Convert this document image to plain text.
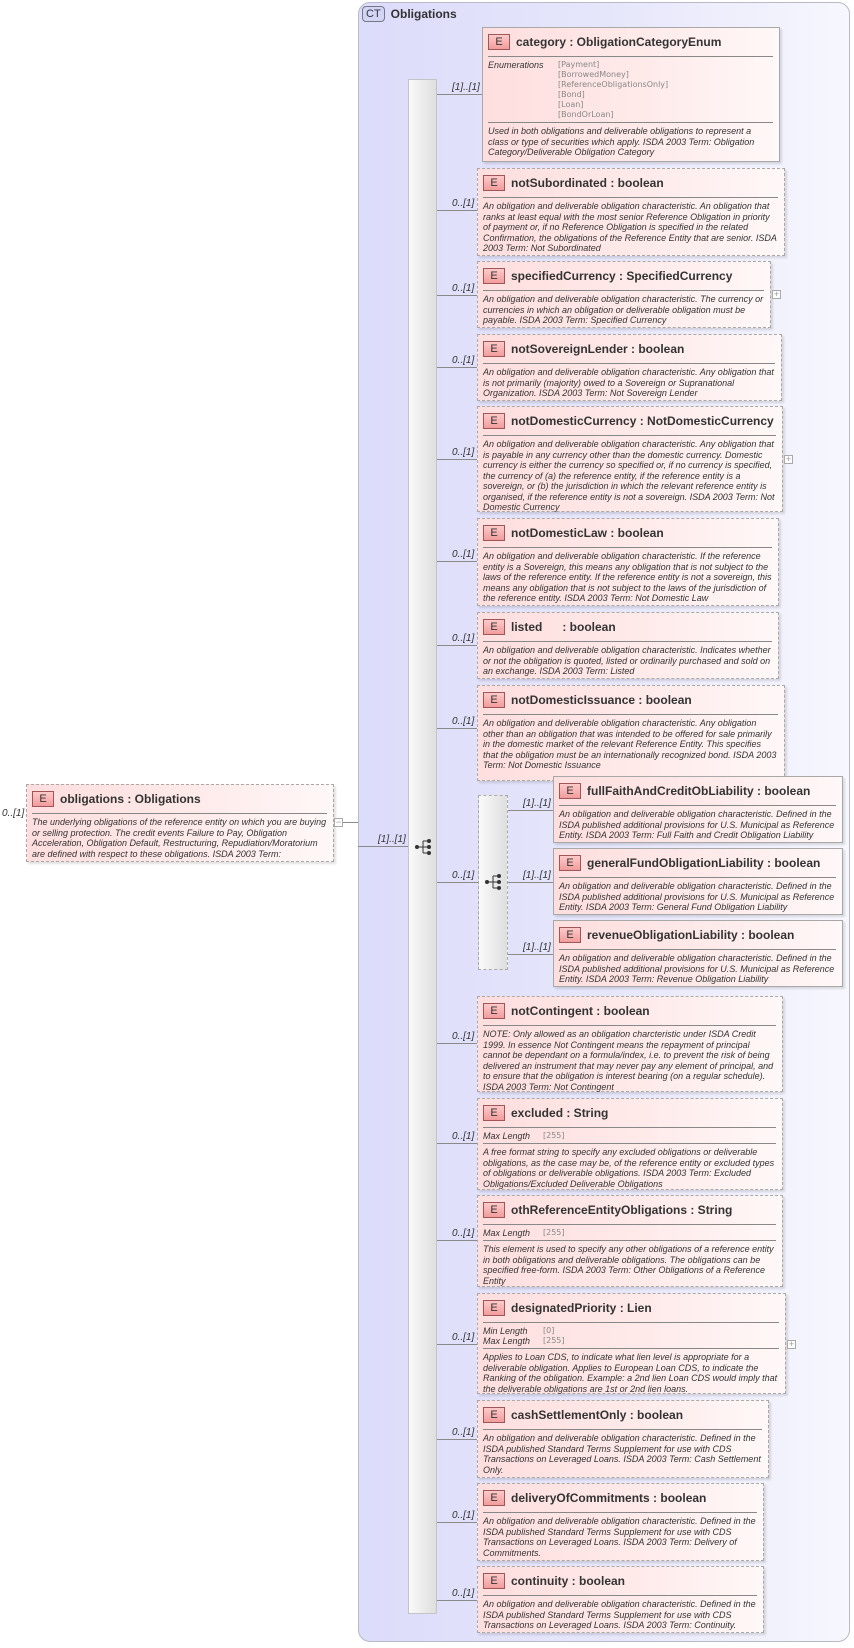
CT Obligations
0..[1]
E	obligations : Obligations
The underlying obligations of the reference entity on which you are buying or selling protection. The credit events Failure to Pay, Obligation Acceleration, Obligation Default, Restructuring, Repudiation/Moratorium are defined with respect to these obligations. ISDA 2003 Term:
−
[1]..[1]
[1]..[1]
E	category : ObligationCategoryEnum
Enumerations	[Payment]
[BorrowedMoney]
[ReferenceObligationsOnly]
[Bond]
[Loan]
[BondOrLoan]
Used in both obligations and deliverable obligations to represent a class or type of securities which apply. ISDA 2003 Term: Obligation Category/Deliverable Obligation Category
0..[1]
E	notSubordinated : boolean
An obligation and deliverable obligation characteristic. An obligation that ranks at least equal with the most senior Reference Obligation in priority of payment or, if no Reference Obligation is specified in the related Confirmation, the obligations of the Reference Entity that are senior. ISDA 2003 Term: Not Subordinated
0..[1]
E	specifiedCurrency : SpecifiedCurrency
An obligation and deliverable obligation characteristic. The currency or currencies in which an obligation or deliverable obligation must be payable. ISDA 2003 Term: Specified Currency
+
0..[1]
E	notSovereignLender : boolean
An obligation and deliverable obligation characteristic. Any obligation that is not primarily (majority) owed to a Sovereign or Supranational Organization. ISDA 2003 Term: Not Sovereign Lender
0..[1]
E	notDomesticCurrency : NotDomesticCurrency
An obligation and deliverable obligation characteristic. Any obligation that is payable in any currency other than the domestic currency. Domestic currency is either the currency so specified or, if no currency is specified, the currency of (a) the reference entity, if the reference entity is a sovereign, or (b) the jurisdiction in which the relevant reference entity is organised, if the reference entity is not a sovereign. ISDA 2003 Term: Not Domestic Currency
+
0..[1]
E	notDomesticLaw : boolean
An obligation and deliverable obligation characteristic. If the reference entity is a Sovereign, this means any obligation that is not subject to the laws of the reference entity. If the reference entity is not a sovereign, this means any obligation that is not subject to the laws of the jurisdiction of the reference entity. ISDA 2003 Term: Not Domestic Law
0..[1]
E	listed      : boolean
An obligation and deliverable obligation characteristic. Indicates whether or not the obligation is quoted, listed or ordinarily purchased and sold on an exchange. ISDA 2003 Term: Listed
0..[1]
E	notDomesticIssuance : boolean
An obligation and deliverable obligation characteristic. Any obligation other than an obligation that was intended to be offered for sale primarily in the domestic market of the relevant Reference Entity. This specifies that the obligation must be an internationally recognized bond. ISDA 2003 Term: Not Domestic Issuance
0..[1]
[1]..[1]
E	fullFaithAndCreditObLiability : boolean
An obligation and deliverable obligation characteristic. Defined in the ISDA published additional provisions for U.S. Municipal as Reference Entity. ISDA 2003 Term: Full Faith and Credit Obligation Liability
[1]..[1]
E	generalFundObligationLiability : boolean
An obligation and deliverable obligation characteristic. Defined in the ISDA published additional provisions for U.S. Municipal as Reference Entity. ISDA 2003 Term: General Fund Obligation Liability
[1]..[1]
E	revenueObligationLiability : boolean
An obligation and deliverable obligation characteristic. Defined in the ISDA published additional provisions for U.S. Municipal as Reference Entity. ISDA 2003 Term: Revenue Obligation Liability
0..[1]
E	notContingent : boolean
NOTE: Only allowed as an obligation charcteristic under ISDA Credit 1999. In essence Not Contingent means the repayment of principal cannot be dependant on a formula/index, i.e. to prevent the risk of being delivered an instrument that may never pay any element of principal, and to ensure that the obligation is interest bearing (on a regular schedule). ISDA 2003 Term: Not Contingent
0..[1]
E	excluded : String
Max Length	[255]
A free format string to specify any excluded obligations or deliverable obligations, as the case may be, of the reference entity or excluded types of obligations or deliverable obligations. ISDA 2003 Term: Excluded Obligations/Excluded Deliverable Obligations
0..[1]
E	othReferenceEntityObligations : String
Max Length	[255]
This element is used to specify any other obligations of a reference entity in both obligations and deliverable obligations. The obligations can be specified free-form. ISDA 2003 Term: Other Obligations of a Reference Entity
0..[1]
E	designatedPriority : Lien
Min Length	[0]
Max Length	[255]
Applies to Loan CDS, to indicate what lien level is appropriate for a deliverable obligation. Applies to European Loan CDS, to indicate the Ranking of the obligation. Example: a 2nd lien Loan CDS would imply that the deliverable obligations are 1st or 2nd lien loans.
+
0..[1]
E	cashSettlementOnly : boolean
An obligation and deliverable obligation characteristic. Defined in the ISDA published Standard Terms Supplement for use with CDS Transactions on Leveraged Loans. ISDA 2003 Term: Cash Settlement Only.
0..[1]
E	deliveryOfCommitments : boolean
An obligation and deliverable obligation characteristic. Defined in the ISDA published Standard Terms Supplement for use with CDS Transactions on Leveraged Loans. ISDA 2003 Term: Delivery of Commitments.
0..[1]
E	continuity : boolean
An obligation and deliverable obligation characteristic. Defined in the ISDA published Standard Terms Supplement for use with CDS Transactions on Leveraged Loans. ISDA 2003 Term: Continuity.
